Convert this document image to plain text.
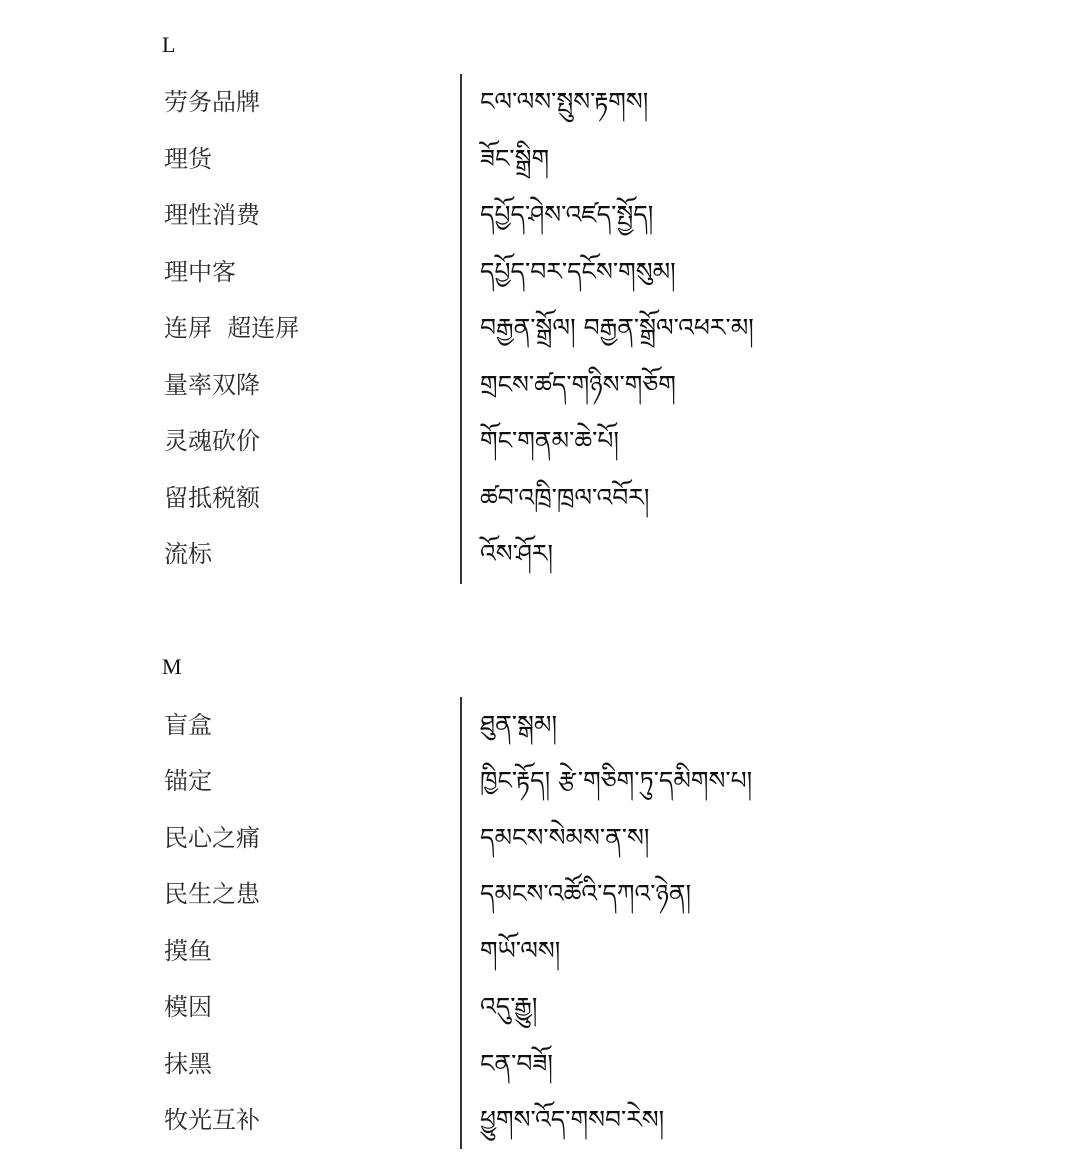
L
劳务品牌	ངལ་ལས་སྤུས་རྟགས།
理货	ཟོང་སྒྲིག
理性消费	དཔྱོད་ཤེས་འཛད་སྤྱོད།
理中客	དཔྱོད་བར་དངོས་གསུམ།
连屏  超连屏	བརྒྱན་སྒྲོལ། བརྒྱན་སྒྲོལ་འཕར་མ།
量率双降	གྲངས་ཚད་གཉིས་གཅོག
灵魂砍价	གོང་གནམ་ཆེ་པོ།
留抵税额	ཚབ་འཁྲི་ཁྲལ་འབོར།
流标	འོས་ཤོར།
M
盲盒	ཐུན་སྒམ།
锚定	ཁྱིང་རྟོད། རྩེ་གཅིག་ཏུ་དམིགས་པ།
民心之痛	དམངས་སེམས་ན་ས།
民生之患	དམངས་འཚོའི་དཀའ་ཉེན།
摸鱼	གཡོ་ལས།
模因	འདུ་རྒྱུ།
抹黑	ངན་བཟོ།
牧光互补	ཕྱུགས་འོད་གསབ་རེས།
